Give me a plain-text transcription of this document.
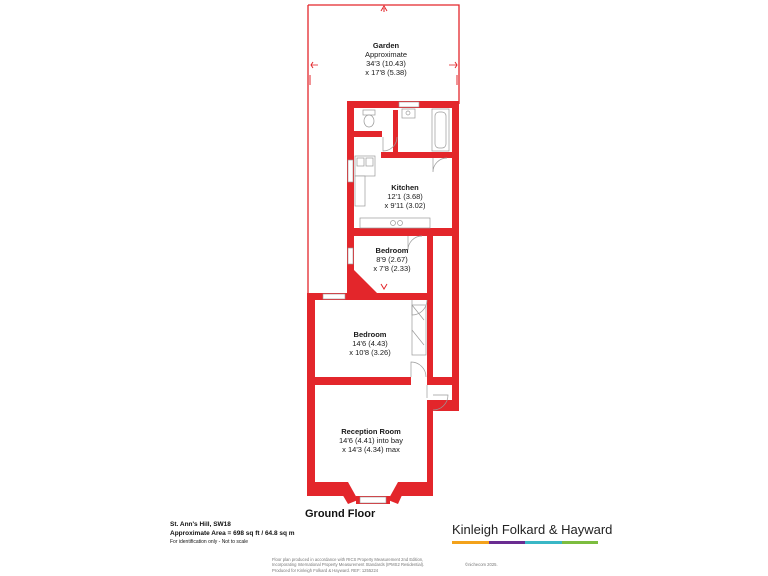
Garden
Approximate
34'3 (10.43)
x 17'8 (5.38)
Kitchen
12'1 (3.68)
x 9'11 (3.02)
Bedroom
8'9 (2.67)
x 7'8 (2.33)
Bedroom
14'6 (4.43)
x 10'8 (3.26)
Reception Room
14'6 (4.41) into bay
x 14'3 (4.34) max
Ground Floor
St. Ann's Hill, SW18
Approximate Area = 698 sq ft / 64.8 sq m
For identification only - Not to scale
Kinleigh Folkard & Hayward
Floor plan produced in accordance with RICS Property Measurement 2nd Edition,
Incorporating International Property Measurement Standards (IPMS2 Residential).
Produced for Kinleigh Folkard & Hayward. REF: 1255224
©nichecom 2025.
